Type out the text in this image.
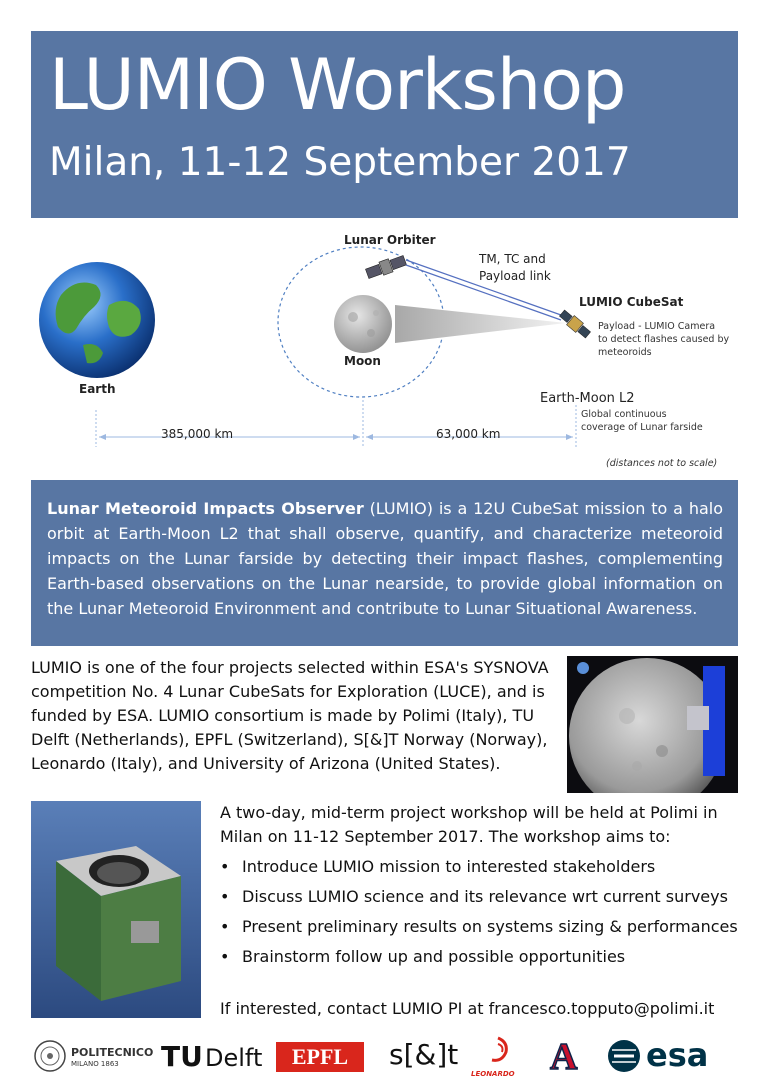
LUMIO Workshop
Milan, 11-12 September 2017
Lunar Orbiter
TM, TC and
Payload link
LUMIO CubeSat
Payload - LUMIO Camera
to detect flashes caused by
meteoroids
Earth
Moon
Earth-Moon L2
Global continuous
coverage of Lunar farside
385,000 km	63,000 km
(distances not to scale)
Lunar Meteoroid Impacts Observer (LUMIO) is a 12U CubeSat mission to a halo orbit at Earth-Moon L2 that shall observe, quantify, and characterize meteoroid impacts on the Lunar farside by detecting their impact flashes, complementing Earth-based observations on the Lunar nearside, to provide global information on the Lunar Meteoroid Environment and contribute to Lunar Situational Awareness.
LUMIO is one of the four projects selected within ESA's SYSNOVA competition No. 4 Lunar CubeSats for Exploration (LUCE), and is funded by ESA. LUMIO consortium is made by Polimi (Italy), TU Delft (Netherlands), EPFL (Switzerland), S[&]T Norway (Norway), Leonardo (Italy), and University of Arizona (United States).
A two-day, mid-term project workshop will be held at Polimi in Milan on 11-12 September 2017. The workshop aims to:
• Introduce LUMIO mission to interested stakeholders
• Discuss LUMIO science and its relevance wrt current surveys
• Present preliminary results on systems sizing & performances
• Brainstorm follow up and possible opportunities
If interested, contact LUMIO PI at francesco.topputo@polimi.it
POLITECNICO
MILANO 1863 TU Delft	EPFL	s[&]t
LEONARDO A esa
